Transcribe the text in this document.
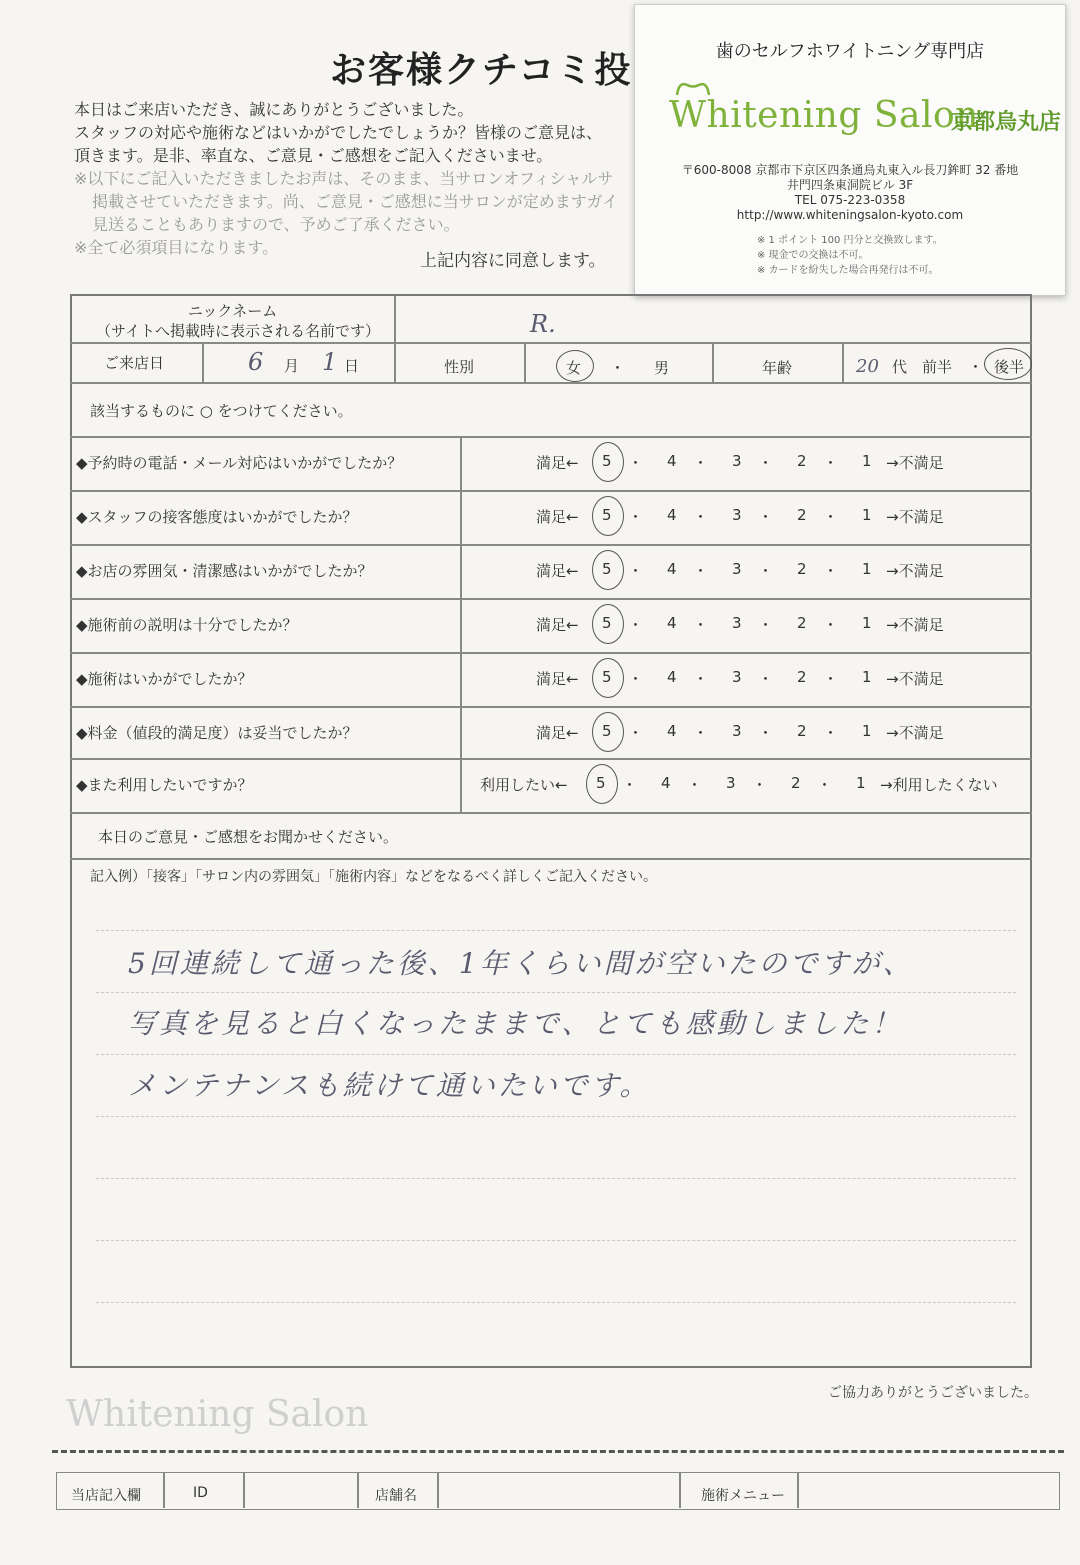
お客様クチコミ投
本日はご来店いただき、誠にありがとうございました。
スタッフの対応や施術などはいかがでしたでしょうか？皆様のご意見は、
頂きます。是非、率直な、ご意見・ご感想をご記入くださいませ。
※以下にご記入いただきましたお声は、そのまま、当サロンオフィシャルサ
掲載させていただきます。尚、ご意見・ご感想に当サロンが定めますガイ
見送ることもありますので、予めご了承ください。
※全て必須項目になります。
上記内容に同意します。
歯のセルフホワイトニング専門店
Whitening Salon
京都烏丸店
〒600-8008 京都市下京区四条通烏丸東入ル長刀鉾町 32 番地
井門四条東洞院ビル 3F
TEL 075-223-0358
http://www.whiteningsalon-kyoto.com
※ 1 ポイント 100 円分と交換致します。
※ 現金での交換は不可。
※ カードを紛失した場合再発行は不可。
ニックネーム
（サイトへ掲載時に表示される名前です）	R.
ご来店日	6 月 1 日	性別	女 ・ 男	年齢	20 代 前半 ・ 後半
該当するものに ○ をつけてください。
◆予約時の電話・メール対応はいかがでしたか？	満足← 5 ・ 4 ・ 3 ・ 2 ・ 1 →不満足
◆スタッフの接客態度はいかがでしたか？	満足← 5 ・ 4 ・ 3 ・ 2 ・ 1 →不満足
◆お店の雰囲気・清潔感はいかがでしたか？	満足← 5 ・ 4 ・ 3 ・ 2 ・ 1 →不満足
◆施術前の説明は十分でしたか？	満足← 5 ・ 4 ・ 3 ・ 2 ・ 1 →不満足
◆施術はいかがでしたか？	満足← 5 ・ 4 ・ 3 ・ 2 ・ 1 →不満足
◆料金（値段的満足度）は妥当でしたか？	満足← 5 ・ 4 ・ 3 ・ 2 ・ 1 →不満足
◆また利用したいですか？	利用したい← 5 ・ 4 ・ 3 ・ 2 ・ 1 →利用したくない
本日のご意見・ご感想をお聞かせください。
記入例）「接客」「サロン内の雰囲気」「施術内容」などをなるべく詳しくご記入ください。
5回連続して通った後、1年くらい間が空いたのですが、
写真を見ると白くなったままで、とても感動しました！
メンテナンスも続けて通いたいです。
Whitening Salon
ご協力ありがとうございました。
当店記入欄	ID	店舗名	施術メニュー
